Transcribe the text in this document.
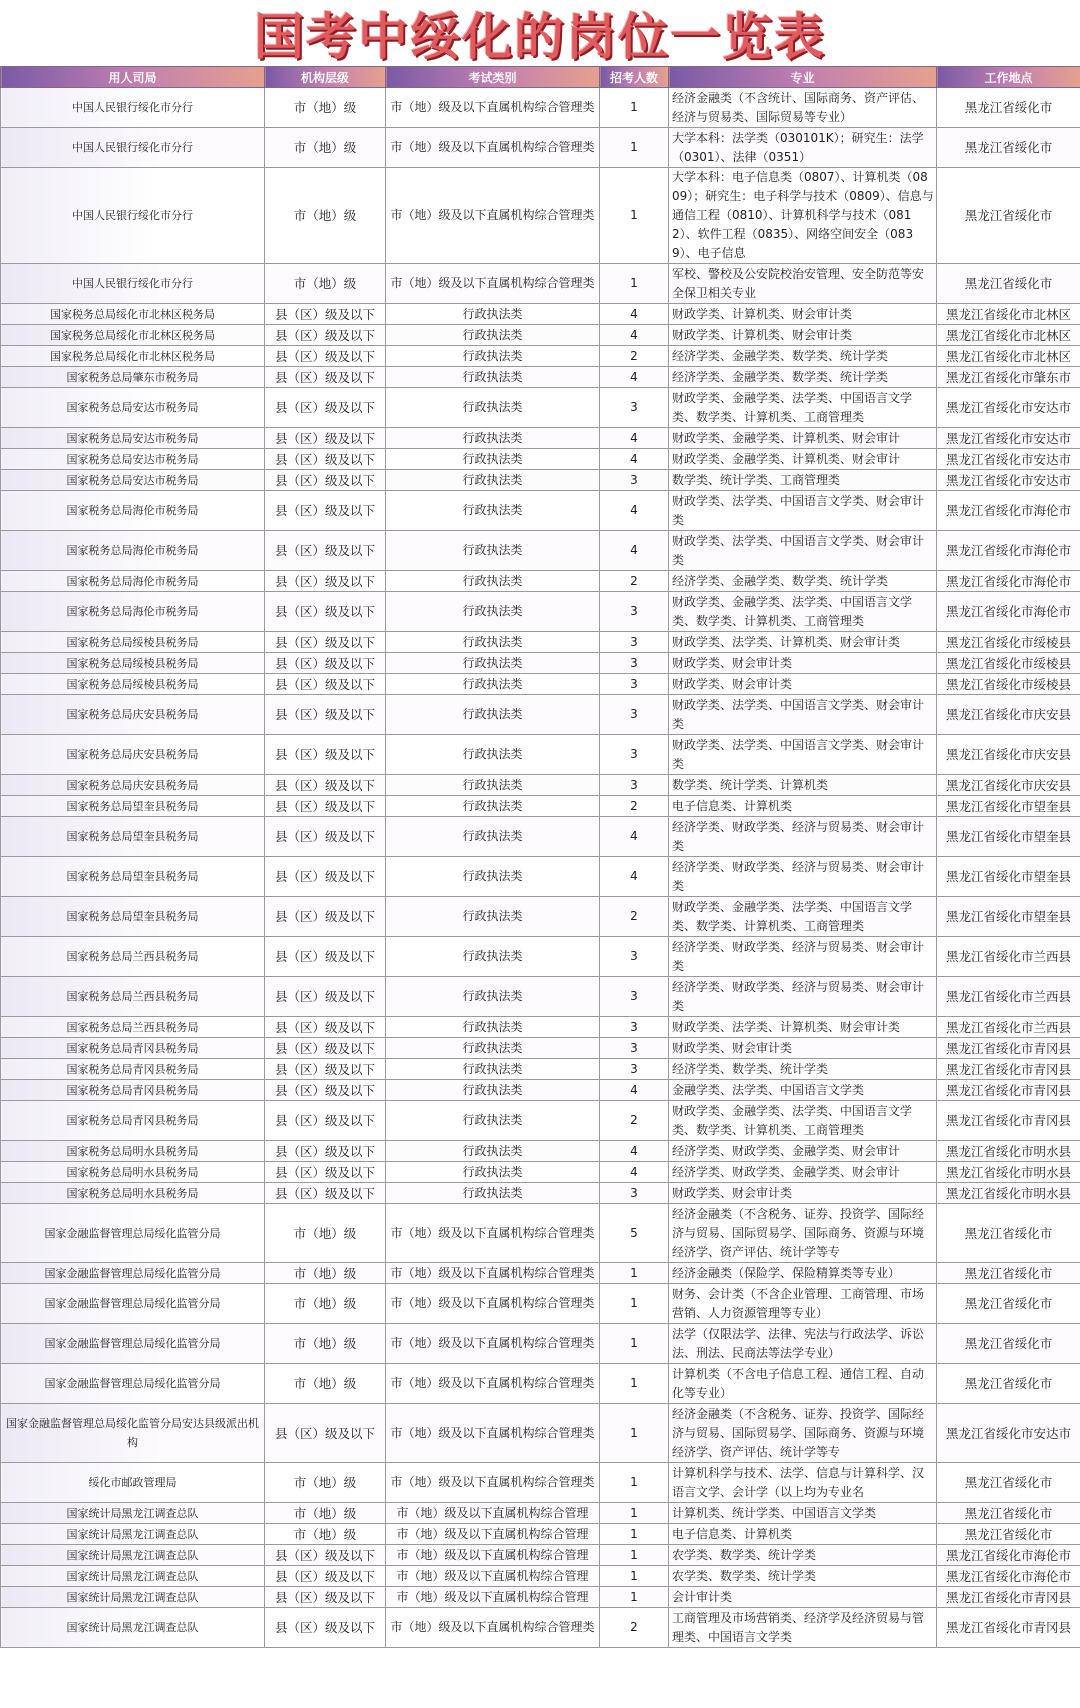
国考中绥化的岗位一览表
用人司局	机构层级	考试类别	招考人数	专业	工作地点
中国人民银行绥化市分行	市（地）级	市（地）级及以下直属机构综合管理类	1	经济金融类（不含统计、国际商务、资产评估、经济与贸易类、国际贸易等专业）	黑龙江省绥化市
中国人民银行绥化市分行	市（地）级	市（地）级及以下直属机构综合管理类	1	大学本科：法学类（030101K）；研究生：法学（0301）、法律（0351）	黑龙江省绥化市
中国人民银行绥化市分行	市（地）级	市（地）级及以下直属机构综合管理类	1	大学本科：电子信息类（0807）、计算机类（0809）；研究生：电子科学与技术（0809）、信息与通信工程（0810）、计算机科学与技术（0812）、软件工程（0835）、网络空间安全（0839）、电子信息	黑龙江省绥化市
中国人民银行绥化市分行	市（地）级	市（地）级及以下直属机构综合管理类	1	军校、警校及公安院校治安管理、安全防范等安全保卫相关专业	黑龙江省绥化市
国家税务总局绥化市北林区税务局	县（区）级及以下	行政执法类	4	财政学类、计算机类、财会审计类	黑龙江省绥化市北林区
国家税务总局绥化市北林区税务局	县（区）级及以下	行政执法类	4	财政学类、计算机类、财会审计类	黑龙江省绥化市北林区
国家税务总局绥化市北林区税务局	县（区）级及以下	行政执法类	2	经济学类、金融学类、数学类、统计学类	黑龙江省绥化市北林区
国家税务总局肇东市税务局	县（区）级及以下	行政执法类	4	经济学类、金融学类、数学类、统计学类	黑龙江省绥化市肇东市
国家税务总局安达市税务局	县（区）级及以下	行政执法类	3	财政学类、金融学类、法学类、中国语言文学类、数学类、计算机类、工商管理类	黑龙江省绥化市安达市
国家税务总局安达市税务局	县（区）级及以下	行政执法类	4	财政学类、金融学类、计算机类、财会审计	黑龙江省绥化市安达市
国家税务总局安达市税务局	县（区）级及以下	行政执法类	4	财政学类、金融学类、计算机类、财会审计	黑龙江省绥化市安达市
国家税务总局安达市税务局	县（区）级及以下	行政执法类	3	数学类、统计学类、工商管理类	黑龙江省绥化市安达市
国家税务总局海伦市税务局	县（区）级及以下	行政执法类	4	财政学类、法学类、中国语言文学类、财会审计类	黑龙江省绥化市海伦市
国家税务总局海伦市税务局	县（区）级及以下	行政执法类	4	财政学类、法学类、中国语言文学类、财会审计类	黑龙江省绥化市海伦市
国家税务总局海伦市税务局	县（区）级及以下	行政执法类	2	经济学类、金融学类、数学类、统计学类	黑龙江省绥化市海伦市
国家税务总局海伦市税务局	县（区）级及以下	行政执法类	3	财政学类、金融学类、法学类、中国语言文学类、数学类、计算机类、工商管理类	黑龙江省绥化市海伦市
国家税务总局绥棱县税务局	县（区）级及以下	行政执法类	3	财政学类、法学类、计算机类、财会审计类	黑龙江省绥化市绥棱县
国家税务总局绥棱县税务局	县（区）级及以下	行政执法类	3	财政学类、财会审计类	黑龙江省绥化市绥棱县
国家税务总局绥棱县税务局	县（区）级及以下	行政执法类	3	财政学类、财会审计类	黑龙江省绥化市绥棱县
国家税务总局庆安县税务局	县（区）级及以下	行政执法类	3	财政学类、法学类、中国语言文学类、财会审计类	黑龙江省绥化市庆安县
国家税务总局庆安县税务局	县（区）级及以下	行政执法类	3	财政学类、法学类、中国语言文学类、财会审计类	黑龙江省绥化市庆安县
国家税务总局庆安县税务局	县（区）级及以下	行政执法类	3	数学类、统计学类、计算机类	黑龙江省绥化市庆安县
国家税务总局望奎县税务局	县（区）级及以下	行政执法类	2	电子信息类、计算机类	黑龙江省绥化市望奎县
国家税务总局望奎县税务局	县（区）级及以下	行政执法类	4	经济学类、财政学类、经济与贸易类、财会审计类	黑龙江省绥化市望奎县
国家税务总局望奎县税务局	县（区）级及以下	行政执法类	4	经济学类、财政学类、经济与贸易类、财会审计类	黑龙江省绥化市望奎县
国家税务总局望奎县税务局	县（区）级及以下	行政执法类	2	财政学类、金融学类、法学类、中国语言文学类、数学类、计算机类、工商管理类	黑龙江省绥化市望奎县
国家税务总局兰西县税务局	县（区）级及以下	行政执法类	3	经济学类、财政学类、经济与贸易类、财会审计类	黑龙江省绥化市兰西县
国家税务总局兰西县税务局	县（区）级及以下	行政执法类	3	经济学类、财政学类、经济与贸易类、财会审计类	黑龙江省绥化市兰西县
国家税务总局兰西县税务局	县（区）级及以下	行政执法类	3	财政学类、法学类、计算机类、财会审计类	黑龙江省绥化市兰西县
国家税务总局青冈县税务局	县（区）级及以下	行政执法类	3	财政学类、财会审计类	黑龙江省绥化市青冈县
国家税务总局青冈县税务局	县（区）级及以下	行政执法类	3	经济学类、数学类、统计学类	黑龙江省绥化市青冈县
国家税务总局青冈县税务局	县（区）级及以下	行政执法类	4	金融学类、法学类、中国语言文学类	黑龙江省绥化市青冈县
国家税务总局青冈县税务局	县（区）级及以下	行政执法类	2	财政学类、金融学类、法学类、中国语言文学类、数学类、计算机类、工商管理类	黑龙江省绥化市青冈县
国家税务总局明水县税务局	县（区）级及以下	行政执法类	4	经济学类、财政学类、金融学类、财会审计	黑龙江省绥化市明水县
国家税务总局明水县税务局	县（区）级及以下	行政执法类	4	经济学类、财政学类、金融学类、财会审计	黑龙江省绥化市明水县
国家税务总局明水县税务局	县（区）级及以下	行政执法类	3	财政学类、财会审计类	黑龙江省绥化市明水县
国家金融监督管理总局绥化监管分局	市（地）级	市（地）级及以下直属机构综合管理类	5	经济金融类（不含税务、证券、投资学、国际经济与贸易、国际贸易学、国际商务、资源与环境经济学、资产评估、统计学等专	黑龙江省绥化市
国家金融监督管理总局绥化监管分局	市（地）级	市（地）级及以下直属机构综合管理类	1	经济金融类（保险学、保险精算类等专业）	黑龙江省绥化市
国家金融监督管理总局绥化监管分局	市（地）级	市（地）级及以下直属机构综合管理类	1	财务、会计类（不含企业管理、工商管理、市场营销、人力资源管理等专业）	黑龙江省绥化市
国家金融监督管理总局绥化监管分局	市（地）级	市（地）级及以下直属机构综合管理类	1	法学（仅限法学、法律、宪法与行政法学、诉讼法、刑法、民商法等法学专业）	黑龙江省绥化市
国家金融监督管理总局绥化监管分局	市（地）级	市（地）级及以下直属机构综合管理类	1	计算机类（不含电子信息工程、通信工程、自动化等专业）	黑龙江省绥化市
国家金融监督管理总局绥化监管分局安达县级派出机构	县（区）级及以下	市（地）级及以下直属机构综合管理类	1	经济金融类（不含税务、证券、投资学、国际经济与贸易、国际贸易学、国际商务、资源与环境经济学、资产评估、统计学等专	黑龙江省绥化市安达市
绥化市邮政管理局	市（地）级	市（地）级及以下直属机构综合管理类	1	计算机科学与技术、法学、信息与计算科学、汉语言文学、会计学（以上均为专业名	黑龙江省绥化市
国家统计局黑龙江调查总队	市（地）级	市（地）级及以下直属机构综合管理	1	计算机类、统计学类、中国语言文学类	黑龙江省绥化市
国家统计局黑龙江调查总队	市（地）级	市（地）级及以下直属机构综合管理	1	电子信息类、计算机类	黑龙江省绥化市
国家统计局黑龙江调查总队	县（区）级及以下	市（地）级及以下直属机构综合管理	1	农学类、数学类、统计学类	黑龙江省绥化市海伦市
国家统计局黑龙江调查总队	县（区）级及以下	市（地）级及以下直属机构综合管理	1	农学类、数学类、统计学类	黑龙江省绥化市海伦市
国家统计局黑龙江调查总队	县（区）级及以下	市（地）级及以下直属机构综合管理	1	会计审计类	黑龙江省绥化市青冈县
国家统计局黑龙江调查总队	县（区）级及以下	市（地）级及以下直属机构综合管理类	2	工商管理及市场营销类、经济学及经济贸易与管理类、中国语言文学类	黑龙江省绥化市青冈县
